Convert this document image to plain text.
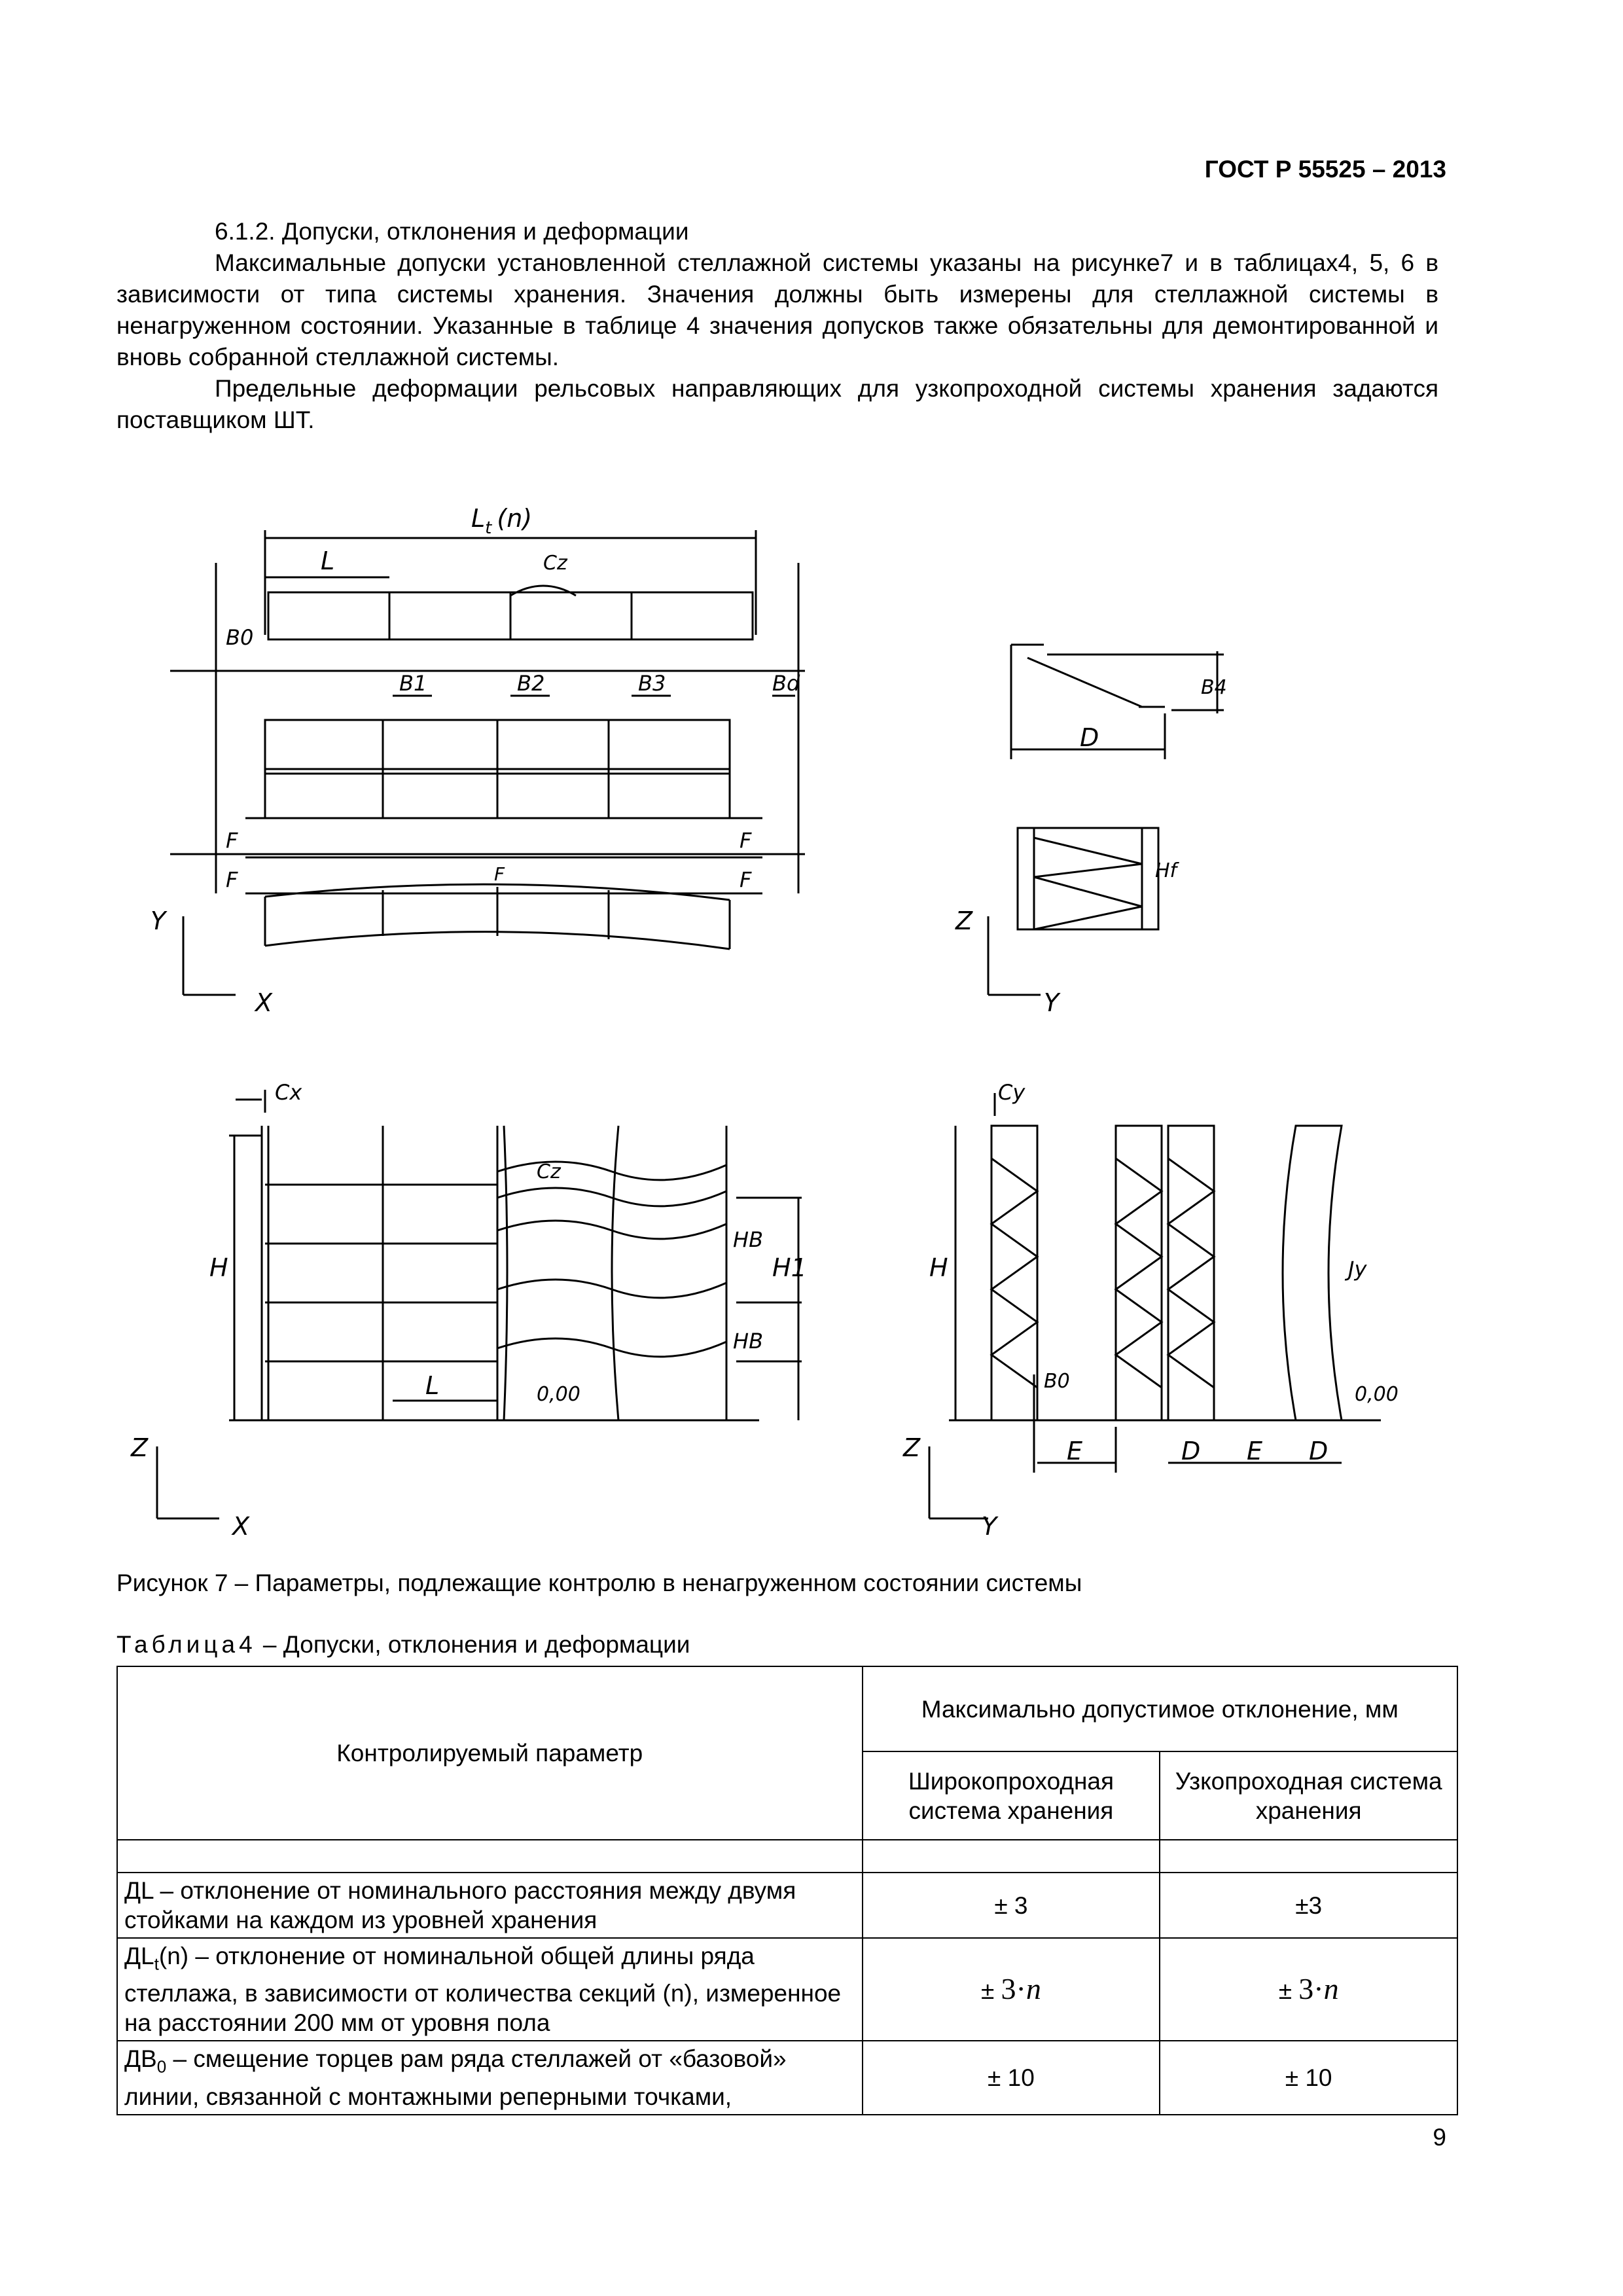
ГОСТ Р 55525 – 2013
6.1.2. Допуски, отклонения и деформации
Максимальные допуски установленной стеллажной системы указаны на рисунке7 и в таблицах4, 5, 6 в зависимости от типа системы хранения. Значения должны быть измерены для стеллажной системы в ненагруженном состоянии. Указанные в таблице 4 значения допусков также обязательны для демонтированной и вновь собранной стеллажной системы.
Предельные деформации рельсовых направляющих для узкопроходной системы хранения задаются поставщиком ШТ.
$L_t$ (n)
L	Cz
B0
B1	B2	B3	Bd
F
F
F
F
F
Y
X
D
B4
Hf
Z
Y
Cx
H
HB
HB
H1
Cz
L	0,00
Z
X
Cy
H	Jy
B0
0,00
E	D E D
Z
Y
Рисунок 7 – Параметры, подлежащие контролю в ненагруженном состоянии системы
Таблица4 – Допуски, отклонения и деформации
Контролируемый параметр	Максимально допустимое отклонение, мм	
	Широкопроходная система хранения	Узкопроходная система хранения

ДL – отклонение от номинального расстояния между двумя стойками на каждом из уровней хранения	± 3	±3
$ДL_t(n)$ – отклонение от номинальной общей длины ряда стеллажа, в зависимости от количества секций (n), измеренное на расстоянии 200 мм от уровня пола	± 3·n	± 3·n
$ДВ_0$ – смещение торцев рам ряда стеллажей от «базовой» линии, связанной с монтажными реперными точками,	± 10	± 10
9
